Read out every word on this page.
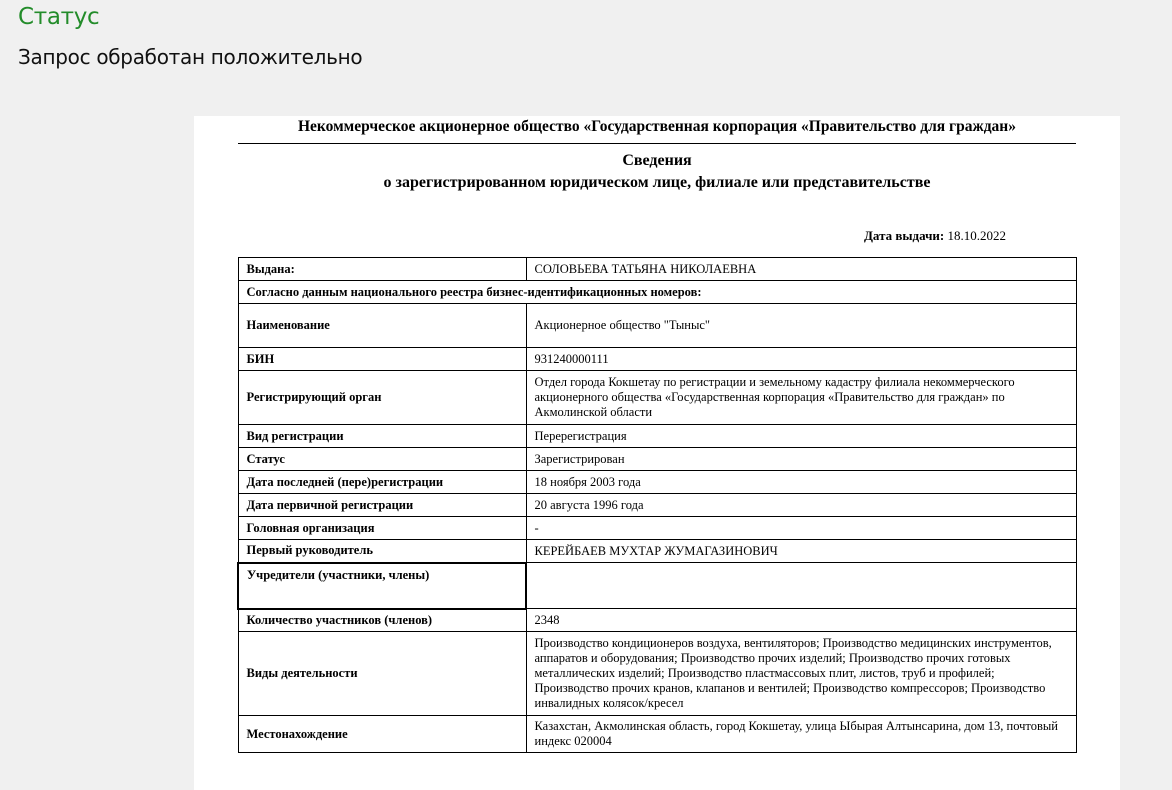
Статус
Запрос обработан положительно
Некоммерческое акционерное общество «Государственная корпорация «Правительство для граждан»
Сведения
о зарегистрированном юридическом лице, филиале или представительстве
Дата выдачи: 18.10.2022
Выдана:	СОЛОВЬЕВА ТАТЬЯНА НИКОЛАЕВНА
Согласно данным национального реестра бизнес-идентификационных номеров:	
Наименование	Акционерное общество "Тыныс"
БИН	931240000111
Регистрирующий орган	Отдел города Кокшетау по регистрации и земельному кадастру филиала некоммерческого акционерного общества «Государственная корпорация «Правительство для граждан» по Акмолинской области
Вид регистрации	Перерегистрация
Статус	Зарегистрирован
Дата последней (пере)регистрации	18 ноября 2003 года
Дата первичной регистрации	20 августа 1996 года
Головная организация	-
Первый руководитель	КЕРЕЙБАЕВ МУХТАР ЖУМАГАЗИНОВИЧ
Учредители (участники, члены)	
Количество участников (членов)	2348
Виды деятельности	Производство кондиционеров воздуха, вентиляторов; Производство медицинских инструментов, аппаратов и оборудования; Производство прочих изделий; Производство прочих готовых металлических изделий; Производство пластмассовых плит, листов, труб и профилей; Производство прочих кранов, клапанов и вентилей; Производство компрессоров; Производство инвалидных колясок/кресел
Местонахождение	Казахстан, Акмолинская область, город Кокшетау, улица Ыбырая Алтынсарина, дом 13, почтовый индекс 020004
